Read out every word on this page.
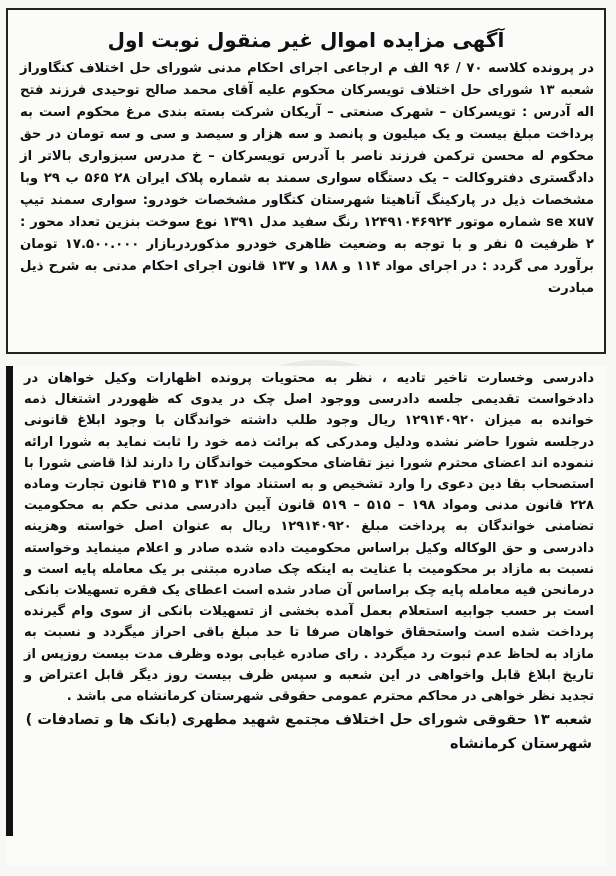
آگهی مزایده اموال غیر منقول نوبت اول
در پرونده کلاسه ۷۰ / ۹۶ الف م ارجاعی اجرای احکام مدنی شورای حل اختلاف کنگاوراز شعبه ۱۳ شورای حل اختلاف تویسرکان محکوم علیه آقای محمد صالح توحیدی فرزند فتح اله آدرس : تویسرکان – شهرک صنعتی – آریکان شرکت بسته بندی مرغ محکوم است به پرداخت مبلغ بیست و یک میلیون و پانصد و سه هزار و سیصد و سی و سه تومان در حق محکوم له محسن ترکمن فرزند ناصر با آدرس تویسرکان – خ مدرس سبزواری بالاتر از دادگستری دفتروکالت – یک دستگاه سواری سمند به شماره پلاک ایران ۲۸ ۵۶۵ ب ۲۹ وبا مشخصات ذیل در پارکینگ آناهیتا شهرستان کنگاور مشخصات خودرو: سواری سمند تیپ se xu۷ شماره موتور ۱۲۴۹۱۰۴۶۹۲۴ رنگ سفید مدل ۱۳۹۱ نوع سوخت بنزین تعداد محور : ۲ ظرفیت ۵ نفر و با توجه به وضعیت ظاهری خودرو مذکوردربازار ۱۷.۵۰۰.۰۰۰ تومان برآورد می گردد : در اجرای مواد ۱۱۴ و ۱۸۸ و ۱۳۷ قانون اجرای احکام مدنی به شرح ذیل مبادرت
دادرسی وخسارت تاخیر تادیه ، نظر به محتویات پرونده اظهارات وکیل خواهان در دادخواست تقدیمی جلسه دادرسی ووجود اصل چک در یدوی که ظهوردر اشتغال ذمه خوانده به میزان ۱۲۹۱۴۰۹۲۰ ریال وجود طلب داشته خواندگان با وجود ابلاغ قانونی درجلسه شورا حاضر نشده ودلیل ومدرکی که برائت ذمه خود را ثابت نماید به شورا ارائه ننموده اند اعضای محترم شورا نیز تقاضای محکومیت خواندگان را دارند لذا قاضی شورا با استصحاب بقا دین دعوی را وارد تشخیص و به استناد مواد ۳۱۴ و ۳۱۵ قانون تجارت وماده ۲۲۸ قانون مدنی ومواد ۱۹۸ – ۵۱۵ – ۵۱۹ قانون آیین دادرسی مدنی حکم به محکومیت تضامنی خواندگان به پرداخت مبلغ ۱۲۹۱۴۰۹۲۰ ریال به عنوان اصل خواسته وهزینه دادرسی و حق الوکاله وکیل براساس محکومیت داده شده صادر و اعلام مینماید وخواسته نسبت به مازاد بر محکومیت با عنایت به اینکه چک صادره مبتنی بر یک معامله پایه است و درمانحن فیه معامله پایه چک براساس آن صادر شده است اعطای یک فقره تسهیلات بانکی است بر حسب جوابیه استعلام بعمل آمده بخشی از تسهیلات بانکی از سوی وام گیرنده پرداخت شده است واستحقاق خواهان صرفا تا حد مبلغ باقی احراز میگردد و نسبت به مازاد به لحاظ عدم ثبوت رد میگردد . رای صادره غیابی بوده وظرف مدت بیست روزپس از تاریخ ابلاغ قابل واخواهی در این شعبه و سپس ظرف بیست روز دیگر قابل اعتراض و تجدید نظر خواهی در محاکم محترم عمومی حقوقی شهرستان کرمانشاه می باشد .
شعبه ۱۳ حقوقی شورای حل اختلاف مجتمع شهید مطهری (بانک ها و تصادفات )
شهرستان کرمانشاه
